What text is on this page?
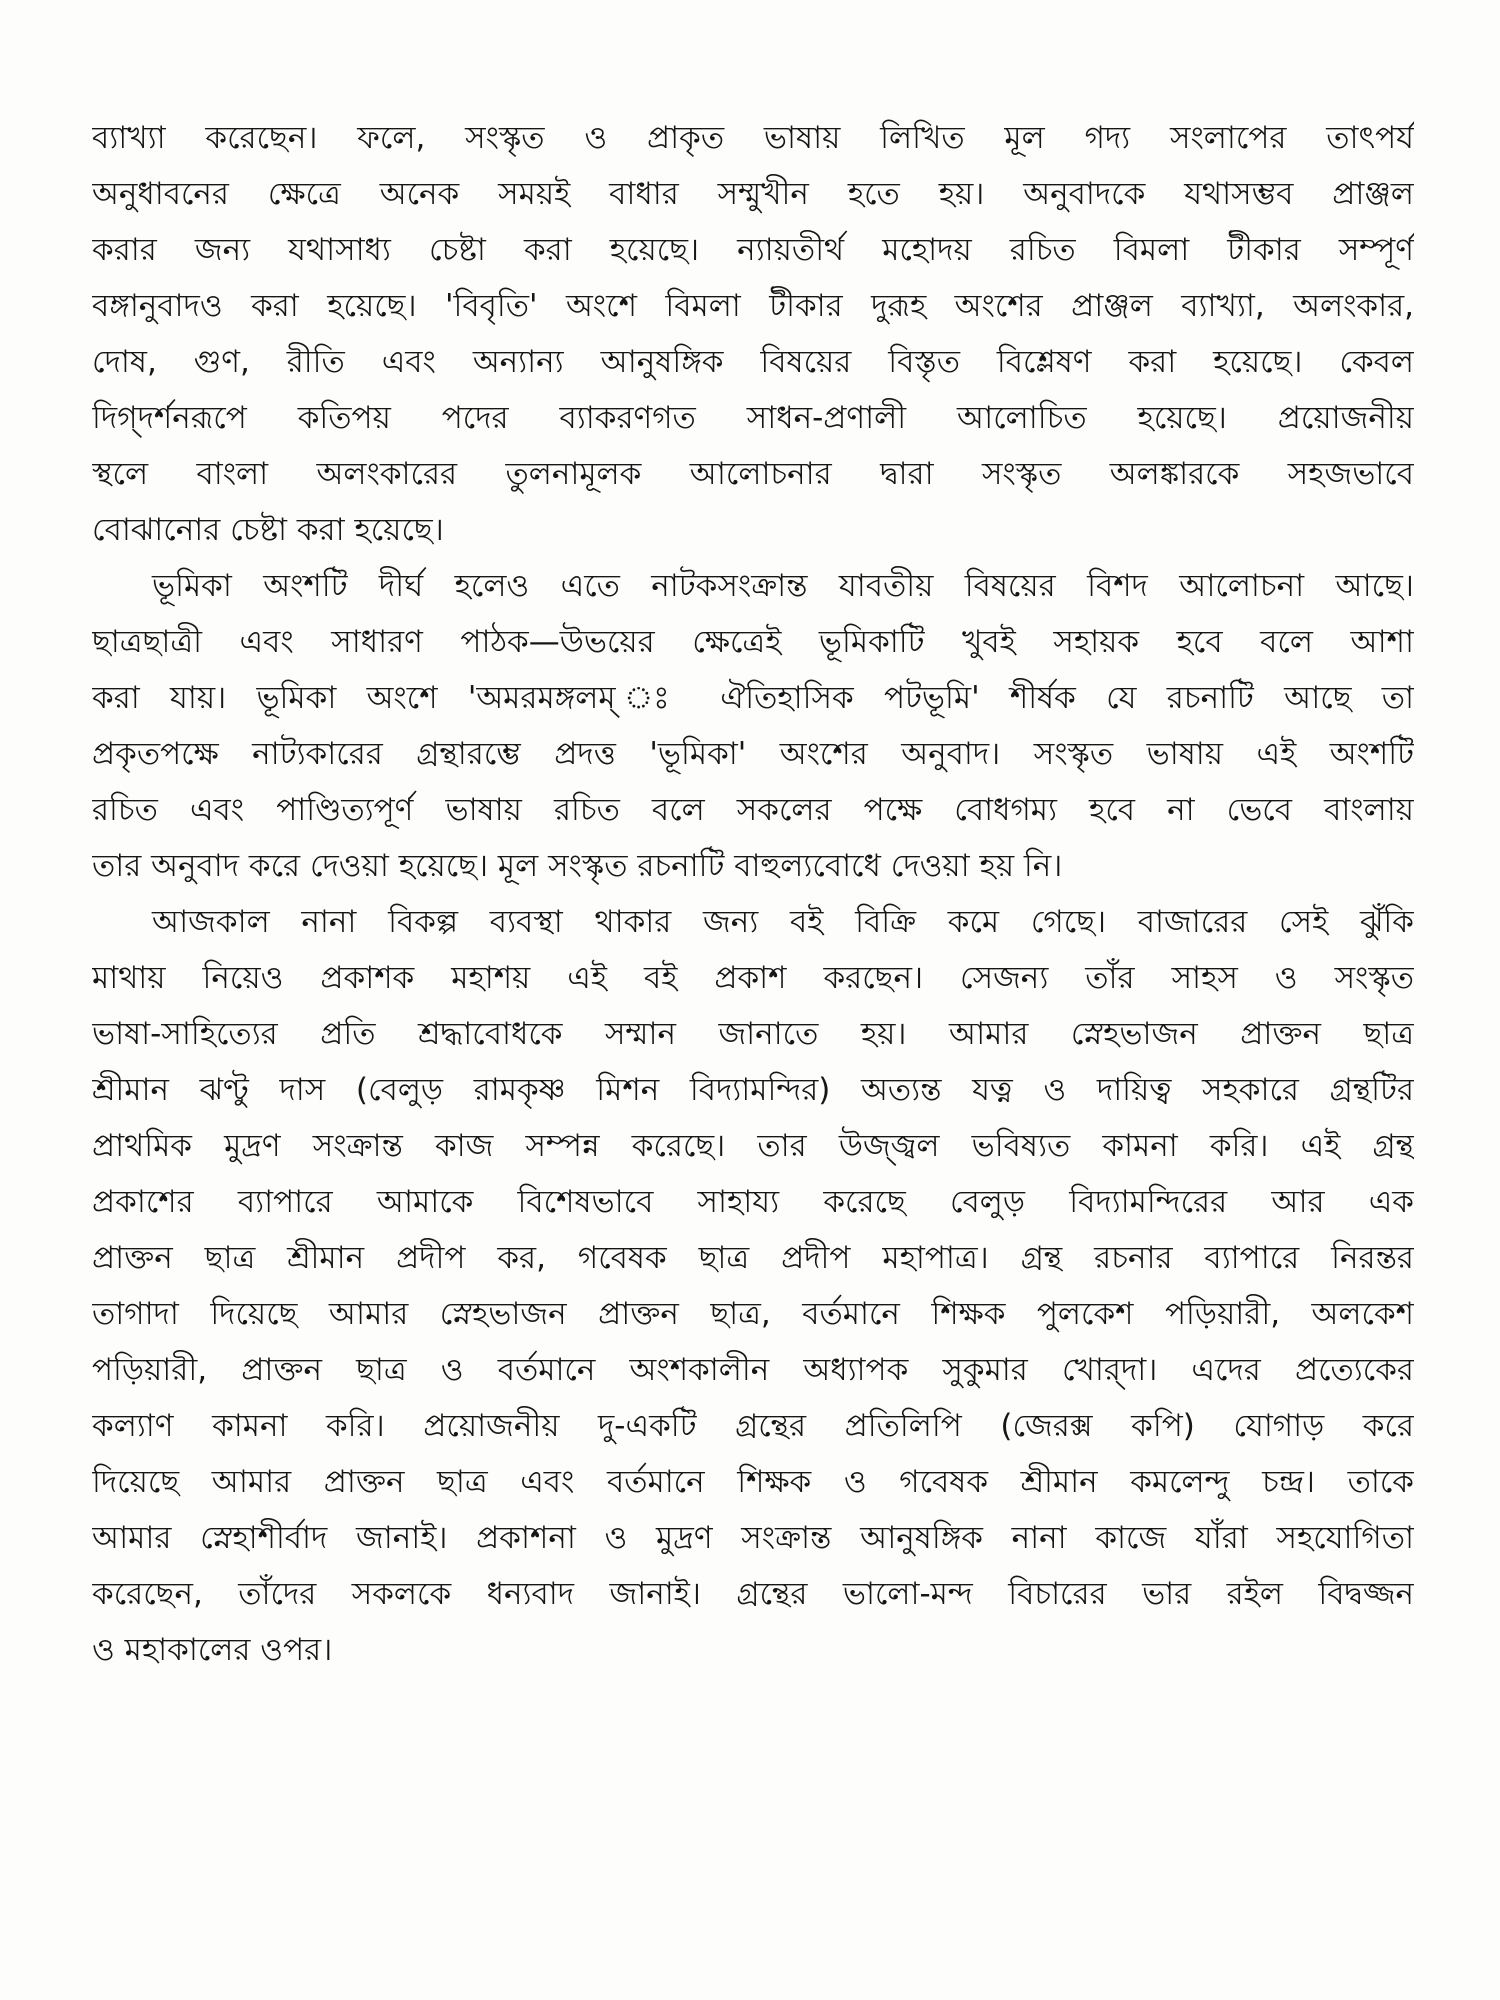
ব্যাখ্যা করেছেন। ফলে, সংস্কৃত ও প্রাকৃত ভাষায় লিখিত মূল গদ্য সংলাপের তাৎপর্য
অনুধাবনের ক্ষেত্রে অনেক সময়ই বাধার সম্মুখীন হতে হয়। অনুবাদকে যথাসম্ভব প্রাঞ্জল
করার জন্য যথাসাধ্য চেষ্টা করা হয়েছে। ন্যায়তীর্থ মহোদয় রচিত বিমলা টীকার সম্পূর্ণ
বঙ্গানুবাদও করা হয়েছে। 'বিবৃতি' অংশে বিমলা টীকার দুরূহ অংশের প্রাঞ্জল ব্যাখ্যা, অলংকার,
দোষ, গুণ, রীতি এবং অন্যান্য আনুষঙ্গিক বিষয়ের বিস্তৃত বিশ্লেষণ করা হয়েছে। কেবল
দিগ্‌দর্শনরূপে কতিপয় পদের ব্যাকরণগত সাধন-প্রণালী আলোচিত হয়েছে। প্রয়োজনীয়
স্থলে বাংলা অলংকারের তুলনামূলক আলোচনার দ্বারা সংস্কৃত অলঙ্কারকে সহজভাবে
বোঝানোর চেষ্টা করা হয়েছে।
ভূমিকা অংশটি দীর্ঘ হলেও এতে নাটকসংক্রান্ত যাবতীয় বিষয়ের বিশদ আলোচনা আছে।
ছাত্রছাত্রী এবং সাধারণ পাঠক—উভয়ের ক্ষেত্রেই ভূমিকাটি খুবই সহায়ক হবে বলে আশা
করা যায়। ভূমিকা অংশে 'অমরমঙ্গলম্ ঃ ঐতিহাসিক পটভূমি' শীর্ষক যে রচনাটি আছে তা
প্রকৃতপক্ষে নাট্যকারের গ্রন্থারম্ভে প্রদত্ত 'ভূমিকা' অংশের অনুবাদ। সংস্কৃত ভাষায় এই অংশটি
রচিত এবং পাণ্ডিত্যপূর্ণ ভাষায় রচিত বলে সকলের পক্ষে বোধগম্য হবে না ভেবে বাংলায়
তার অনুবাদ করে দেওয়া হয়েছে। মূল সংস্কৃত রচনাটি বাহুল্যবোধে দেওয়া হয় নি।
আজকাল নানা বিকল্প ব্যবস্থা থাকার জন্য বই বিক্রি কমে গেছে। বাজারের সেই ঝুঁকি
মাথায় নিয়েও প্রকাশক মহাশয় এই বই প্রকাশ করছেন। সেজন্য তাঁর সাহস ও সংস্কৃত
ভাষা-সাহিত্যের প্রতি শ্রদ্ধাবোধকে সম্মান জানাতে হয়। আমার স্নেহভাজন প্রাক্তন ছাত্র
শ্রীমান ঝণ্টু দাস (বেলুড় রামকৃষ্ণ মিশন বিদ্যামন্দির) অত্যন্ত যত্ন ও দায়িত্ব সহকারে গ্রন্থটির
প্রাথমিক মুদ্রণ সংক্রান্ত কাজ সম্পন্ন করেছে। তার উজ্জ্বল ভবিষ্যত কামনা করি। এই গ্রন্থ
প্রকাশের ব্যাপারে আমাকে বিশেষভাবে সাহায্য করেছে বেলুড় বিদ্যামন্দিরের আর এক
প্রাক্তন ছাত্র শ্রীমান প্রদীপ কর, গবেষক ছাত্র প্রদীপ মহাপাত্র। গ্রন্থ রচনার ব্যাপারে নিরন্তর
তাগাদা দিয়েছে আমার স্নেহভাজন প্রাক্তন ছাত্র, বর্তমানে শিক্ষক পুলকেশ পড়িয়ারী, অলকেশ
পড়িয়ারী, প্রাক্তন ছাত্র ও বর্তমানে অংশকালীন অধ্যাপক সুকুমার খোর্‌দা। এদের প্রত্যেকের
কল্যাণ কামনা করি। প্রয়োজনীয় দু-একটি গ্রন্থের প্রতিলিপি (জেরক্স কপি) যোগাড় করে
দিয়েছে আমার প্রাক্তন ছাত্র এবং বর্তমানে শিক্ষক ও গবেষক শ্রীমান কমলেন্দু চন্দ্র। তাকে
আমার স্নেহাশীর্বাদ জানাই। প্রকাশনা ও মুদ্রণ সংক্রান্ত আনুষঙ্গিক নানা কাজে যাঁরা সহযোগিতা
করেছেন, তাঁদের সকলকে ধন্যবাদ জানাই। গ্রন্থের ভালো-মন্দ বিচারের ভার রইল বিদ্বজ্জন
ও মহাকালের ওপর।
